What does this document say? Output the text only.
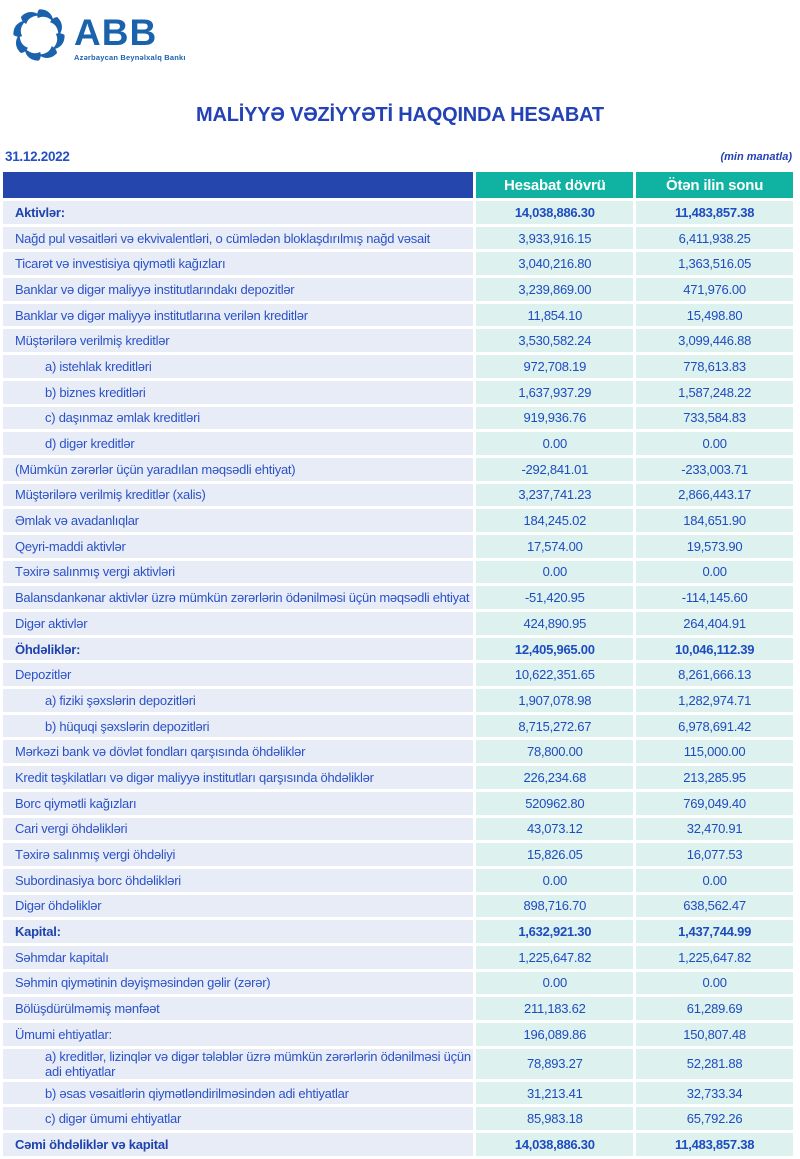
ABB
Azərbaycan Beynəlxalq Bankı
MALİYYƏ VƏZİYYƏTİ HAQQINDA HESABAT
31.12.2022	(min manatla)
	Hesabat dövrü	Ötən ilin sonu
Aktivlər:	14,038,886.30	11,483,857.38
Nağd pul vəsaitləri və ekvivalentləri, o cümlədən bloklaşdırılmış nağd vəsait	3,933,916.15	6,411,938.25
Ticarət və investisiya qiymətli kağızları	3,040,216.80	1,363,516.05
Banklar və digər maliyyə institutlarındakı depozitlər	3,239,869.00	471,976.00
Banklar və digər maliyyə institutlarına verilən kreditlər	11,854.10	15,498.80
Müştərilərə verilmiş kreditlər	3,530,582.24	3,099,446.88
a) istehlak kreditləri	972,708.19	778,613.83
b) biznes kreditləri	1,637,937.29	1,587,248.22
c) daşınmaz əmlak kreditləri	919,936.76	733,584.83
d) digər kreditlər	0.00	0.00
(Mümkün zərərlər üçün yaradılan məqsədli ehtiyat)	-292,841.01	-233,003.71
Müştərilərə verilmiş kreditlər (xalis)	3,237,741.23	2,866,443.17
Əmlak və avadanlıqlar	184,245.02	184,651.90
Qeyri-maddi aktivlər	17,574.00	19,573.90
Təxirə salınmış vergi aktivləri	0.00	0.00
Balansdankənar aktivlər üzrə mümkün zərərlərin ödənilməsi üçün məqsədli ehtiyat	-51,420.95	-114,145.60
Digər aktivlər	424,890.95	264,404.91
Öhdəliklər:	12,405,965.00	10,046,112.39
Depozitlər	10,622,351.65	8,261,666.13
a) fiziki şəxslərin depozitləri	1,907,078.98	1,282,974.71
b) hüquqi şəxslərin depozitləri	8,715,272.67	6,978,691.42
Mərkəzi bank və dövlət fondları qarşısında öhdəliklər	78,800.00	115,000.00
Kredit təşkilatları və digər maliyyə institutları qarşısında öhdəliklər	226,234.68	213,285.95
Borc qiymətli kağızları	520962.80	769,049.40
Cari vergi öhdəlikləri	43,073.12	32,470.91
Təxirə salınmış vergi öhdəliyi	15,826.05	16,077.53
Subordinasiya borc öhdəlikləri	0.00	0.00
Digər öhdəliklər	898,716.70	638,562.47
Kapital:	1,632,921.30	1,437,744.99
Səhmdar kapitalı	1,225,647.82	1,225,647.82
Səhmin qiymətinin dəyişməsindən gəlir (zərər)	0.00	0.00
Bölüşdürülməmiş mənfəət	211,183.62	61,289.69
Ümumi ehtiyatlar:	196,089.86	150,807.48
a) kreditlər, lizinqlər və digər tələblər üzrə mümkün zərərlərin ödənilməsi üçün adi ehtiyatlar	78,893.27	52,281.88
b) əsas vəsaitlərin qiymətləndirilməsindən adi ehtiyatlar	31,213.41	32,733.34
c) digər ümumi ehtiyatlar	85,983.18	65,792.26
Cəmi öhdəliklər və kapital	14,038,886.30	11,483,857.38
